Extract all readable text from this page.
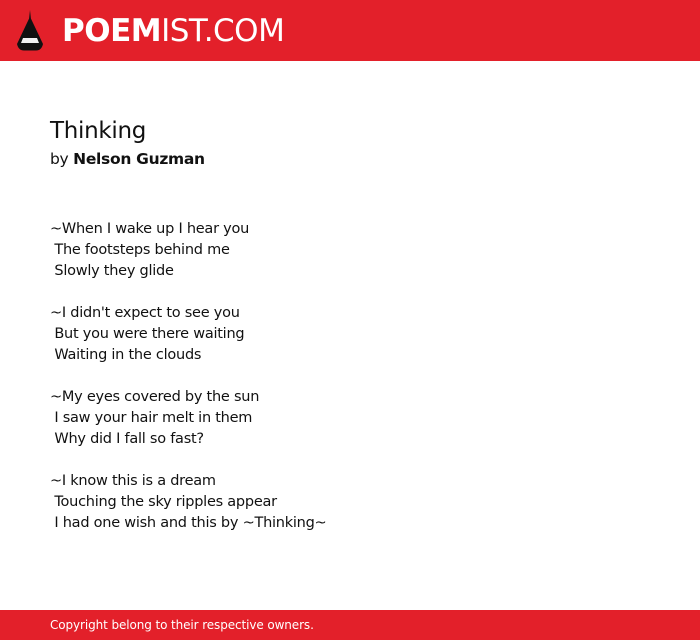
POEMIST.COM
Thinking
by Nelson Guzman
~When I wake up I hear you
The footsteps behind me
Slowly they glide
~I didn't expect to see you
But you were there waiting
Waiting in the clouds
~My eyes covered by the sun
I saw your hair melt in them
Why did I fall so fast?
~I know this is a dream
Touching the sky ripples appear
I had one wish and this by ~Thinking~
Copyright belong to their respective owners.
